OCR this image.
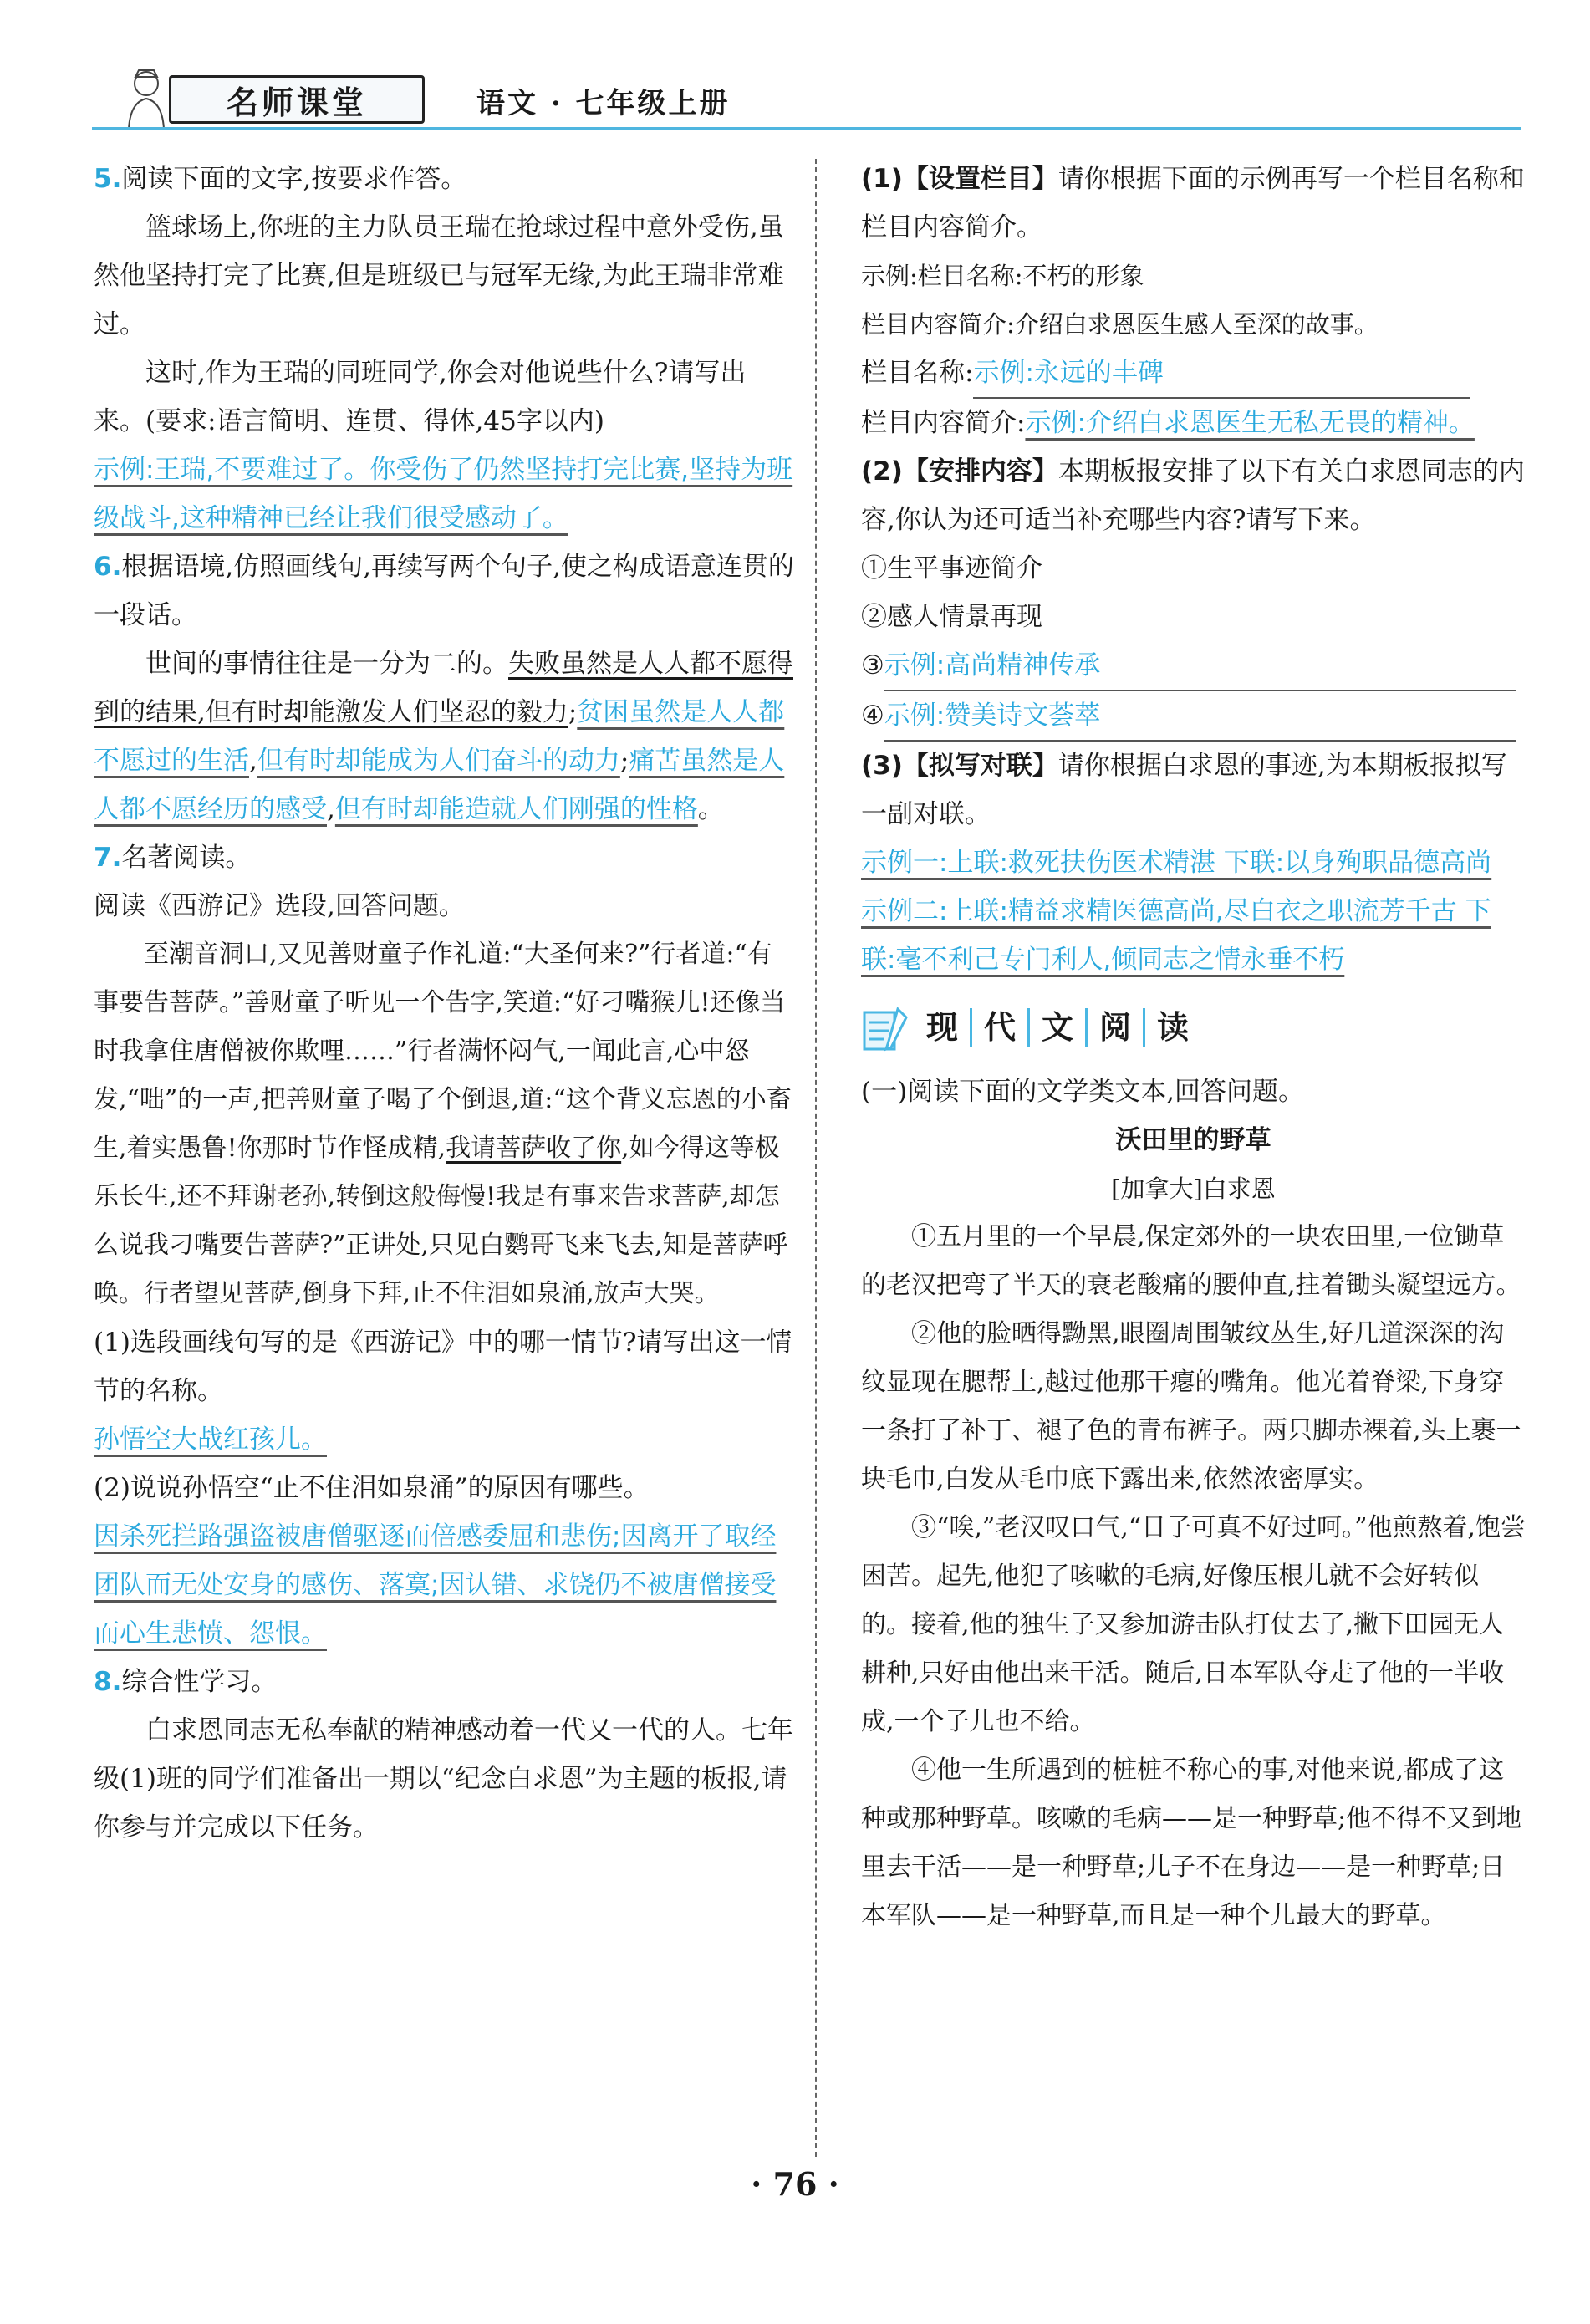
名师课堂	语文 · 七年级上册

5.阅读下面的文字,按要求作答。

篮球场上,你班的主力队员王瑞在抢球过程中意外受伤,虽然他坚持打完了比赛,但是班级已与冠军无缘,为此王瑞非常难过。

这时,作为王瑞的同班同学,你会对他说些什么?请写出来。(要求:语言简明、连贯、得体,45字以内)

示例:王瑞,不要难过了。你受伤了仍然坚持打完比赛,坚持为班级战斗,这种精神已经让我们很受感动了。

6.根据语境,仿照画线句,再续写两个句子,使之构成语意连贯的一段话。

世间的事情往往是一分为二的。失败虽然是人人都不愿得到的结果,但有时却能激发人们坚忍的毅力;贫困虽然是人人都不愿过的生活,但有时却能成为人们奋斗的动力;痛苦虽然是人人都不愿经历的感受,但有时却能造就人们刚强的性格。

7.名著阅读。

阅读《西游记》选段,回答问题。

至潮音洞口,又见善财童子作礼道:“大圣何来?”行者道:“有事要告菩萨。”善财童子听见一个告字,笑道:“好刁嘴猴儿!还像当时我拿住唐僧被你欺哩……”行者满怀闷气,一闻此言,心中怒发,“咄”的一声,把善财童子喝了个倒退,道:“这个背义忘恩的小畜生,着实愚鲁!你那时节作怪成精,我请菩萨收了你,如今得这等极乐长生,还不拜谢老孙,转倒这般侮慢!我是有事来告求菩萨,却怎么说我刁嘴要告菩萨?”正讲处,只见白鹦哥飞来飞去,知是菩萨呼唤。行者望见菩萨,倒身下拜,止不住泪如泉涌,放声大哭。

(1)选段画线句写的是《西游记》中的哪一情节?请写出这一情节的名称。

孙悟空大战红孩儿。

(2)说说孙悟空“止不住泪如泉涌”的原因有哪些。

因杀死拦路强盗被唐僧驱逐而倍感委屈和悲伤;因离开了取经团队而无处安身的感伤、落寞;因认错、求饶仍不被唐僧接受而心生悲愤、怨恨。

8.综合性学习。

白求恩同志无私奉献的精神感动着一代又一代的人。七年级(1)班的同学们准备出一期以“纪念白求恩”为主题的板报,请你参与并完成以下任务。

(1)【设置栏目】请你根据下面的示例再写一个栏目名称和栏目内容简介。

示例:栏目名称:不朽的形象

栏目内容简介:介绍白求恩医生感人至深的故事。

栏目名称:示例:永远的丰碑

栏目内容简介:示例:介绍白求恩医生无私无畏的精神。

(2)【安排内容】本期板报安排了以下有关白求恩同志的内容,你认为还可适当补充哪些内容?请写下来。

①生平事迹简介

②感人情景再现

③示例:高尚精神传承

④示例:赞美诗文荟萃

(3)【拟写对联】请你根据白求恩的事迹,为本期板报拟写一副对联。

示例一:上联:救死扶伤医术精湛 下联:以身殉职品德高尚 示例二:上联:精益求精医德高尚,尽白衣之职流芳千古 下联:毫不利己专门利人,倾同志之情永垂不朽

现 代 文 阅 读

(一)阅读下面的文学类文本,回答问题。

沃田里的野草

[加拿大]白求恩

①五月里的一个早晨,保定郊外的一块农田里,一位锄草的老汉把弯了半天的衰老酸痛的腰伸直,拄着锄头凝望远方。

②他的脸晒得黝黑,眼圈周围皱纹丛生,好几道深深的沟纹显现在腮帮上,越过他那干瘪的嘴角。他光着脊梁,下身穿一条打了补丁、褪了色的青布裤子。两只脚赤裸着,头上裹一块毛巾,白发从毛巾底下露出来,依然浓密厚实。

③“唉,”老汉叹口气,“日子可真不好过呵。”他煎熬着,饱尝困苦。起先,他犯了咳嗽的毛病,好像压根儿就不会好转似的。接着,他的独生子又参加游击队打仗去了,撇下田园无人耕种,只好由他出来干活。随后,日本军队夺走了他的一半收成,一个子儿也不给。

④他一生所遇到的桩桩不称心的事,对他来说,都成了这种或那种野草。咳嗽的毛病——是一种野草;他不得不又到地里去干活——是一种野草;儿子不在身边——是一种野草;日本军队——是一种野草,而且是一种个儿最大的野草。

· 76 ·
